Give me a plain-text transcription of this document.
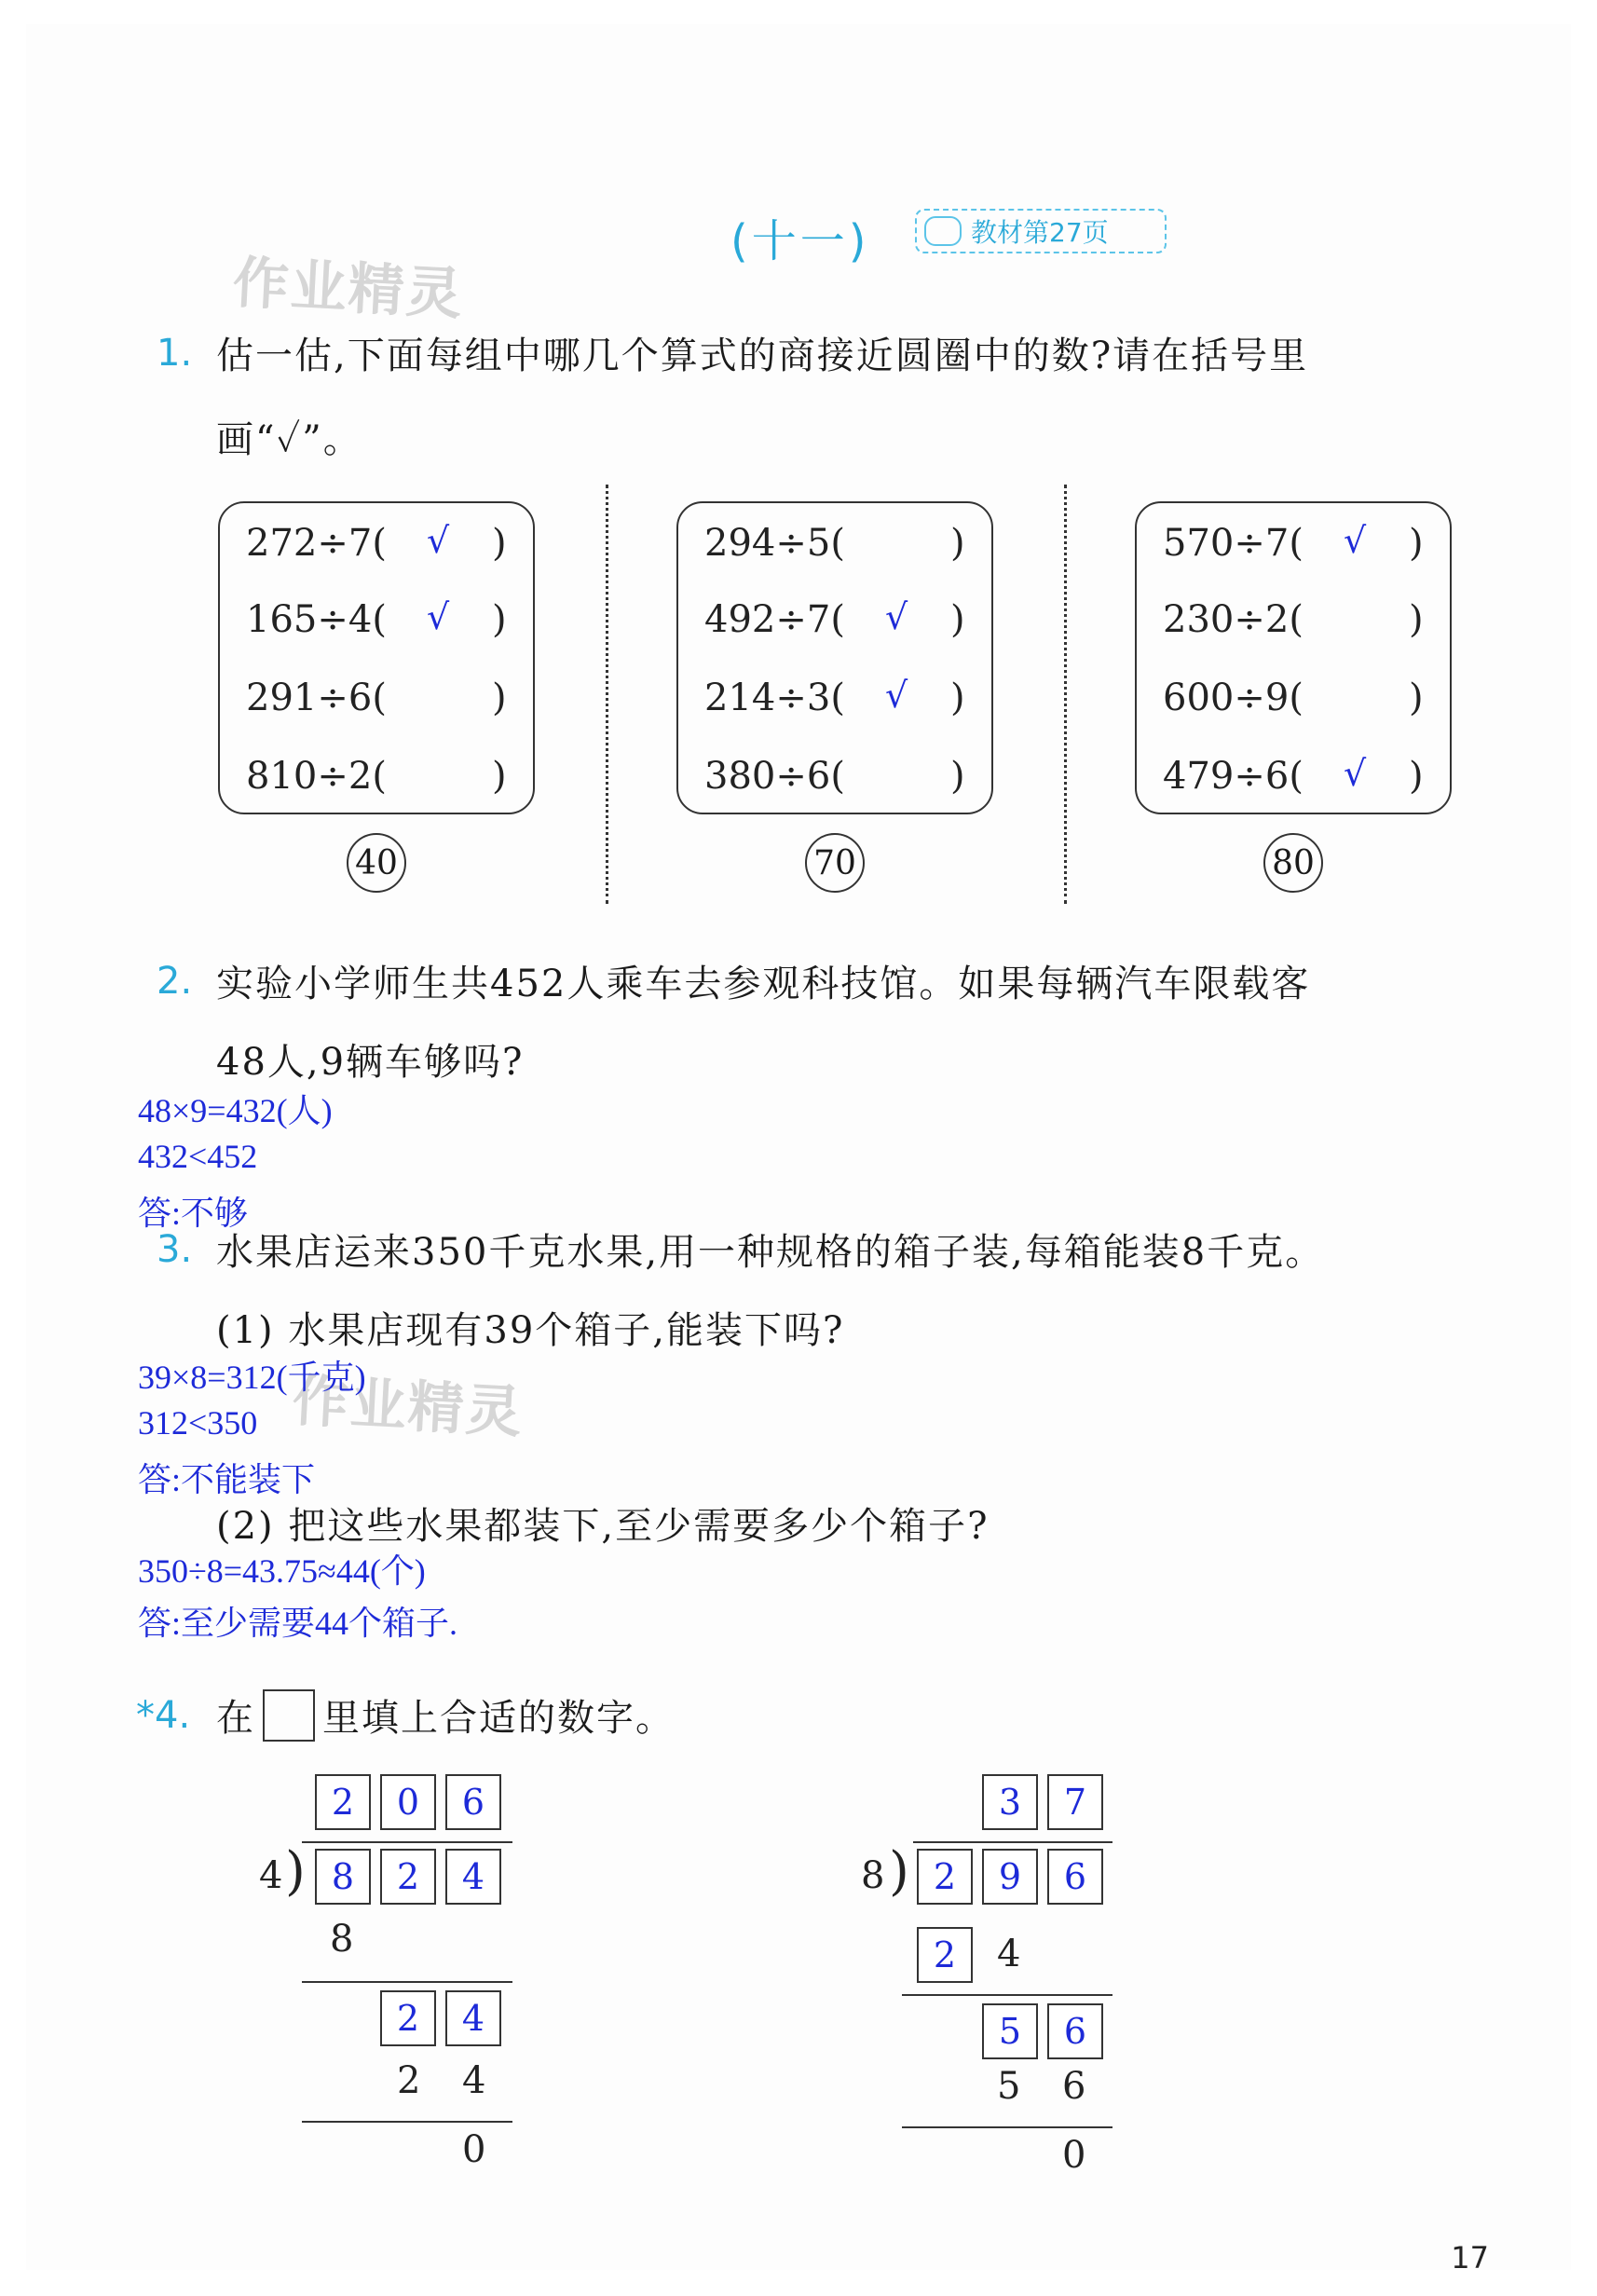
(十一)	教材第27页
作业精灵
作业精灵
1. 估一估,下面每组中哪几个算式的商接近圆圈中的数?请在括号里
画“✓”。
272÷7( √ )
165÷4( √ )
291÷6(	)
810÷2(	)
40
294÷5(	)
492÷7( √ )
214÷3( √ )
380÷6(	)
70
570÷7( √ )
230÷2(	)
600÷9(	)
479÷6( √ )
80
2. 实验小学师生共452人乘车去参观科技馆。如果每辆汽车限载客
48人,9辆车够吗?
48×9=432(人)
432<452
答:不够
3. 水果店运来350千克水果,用一种规格的箱子装,每箱能装8千克。
(1) 水果店现有39个箱子,能装下吗?
39×8=312(千克)
312<350
答:不能装下
(2) 把这些水果都装下,至少需要多少个箱子?
350÷8=43.75≈44(个)
答:至少需要44个箱子.
*4. 在 里填上合适的数字。
2	0	6
4 ) 8	2	4
8
2	4
2 4
0
3	7
8 ) 2	9	6
2	4
5	6
5 6
0
17
